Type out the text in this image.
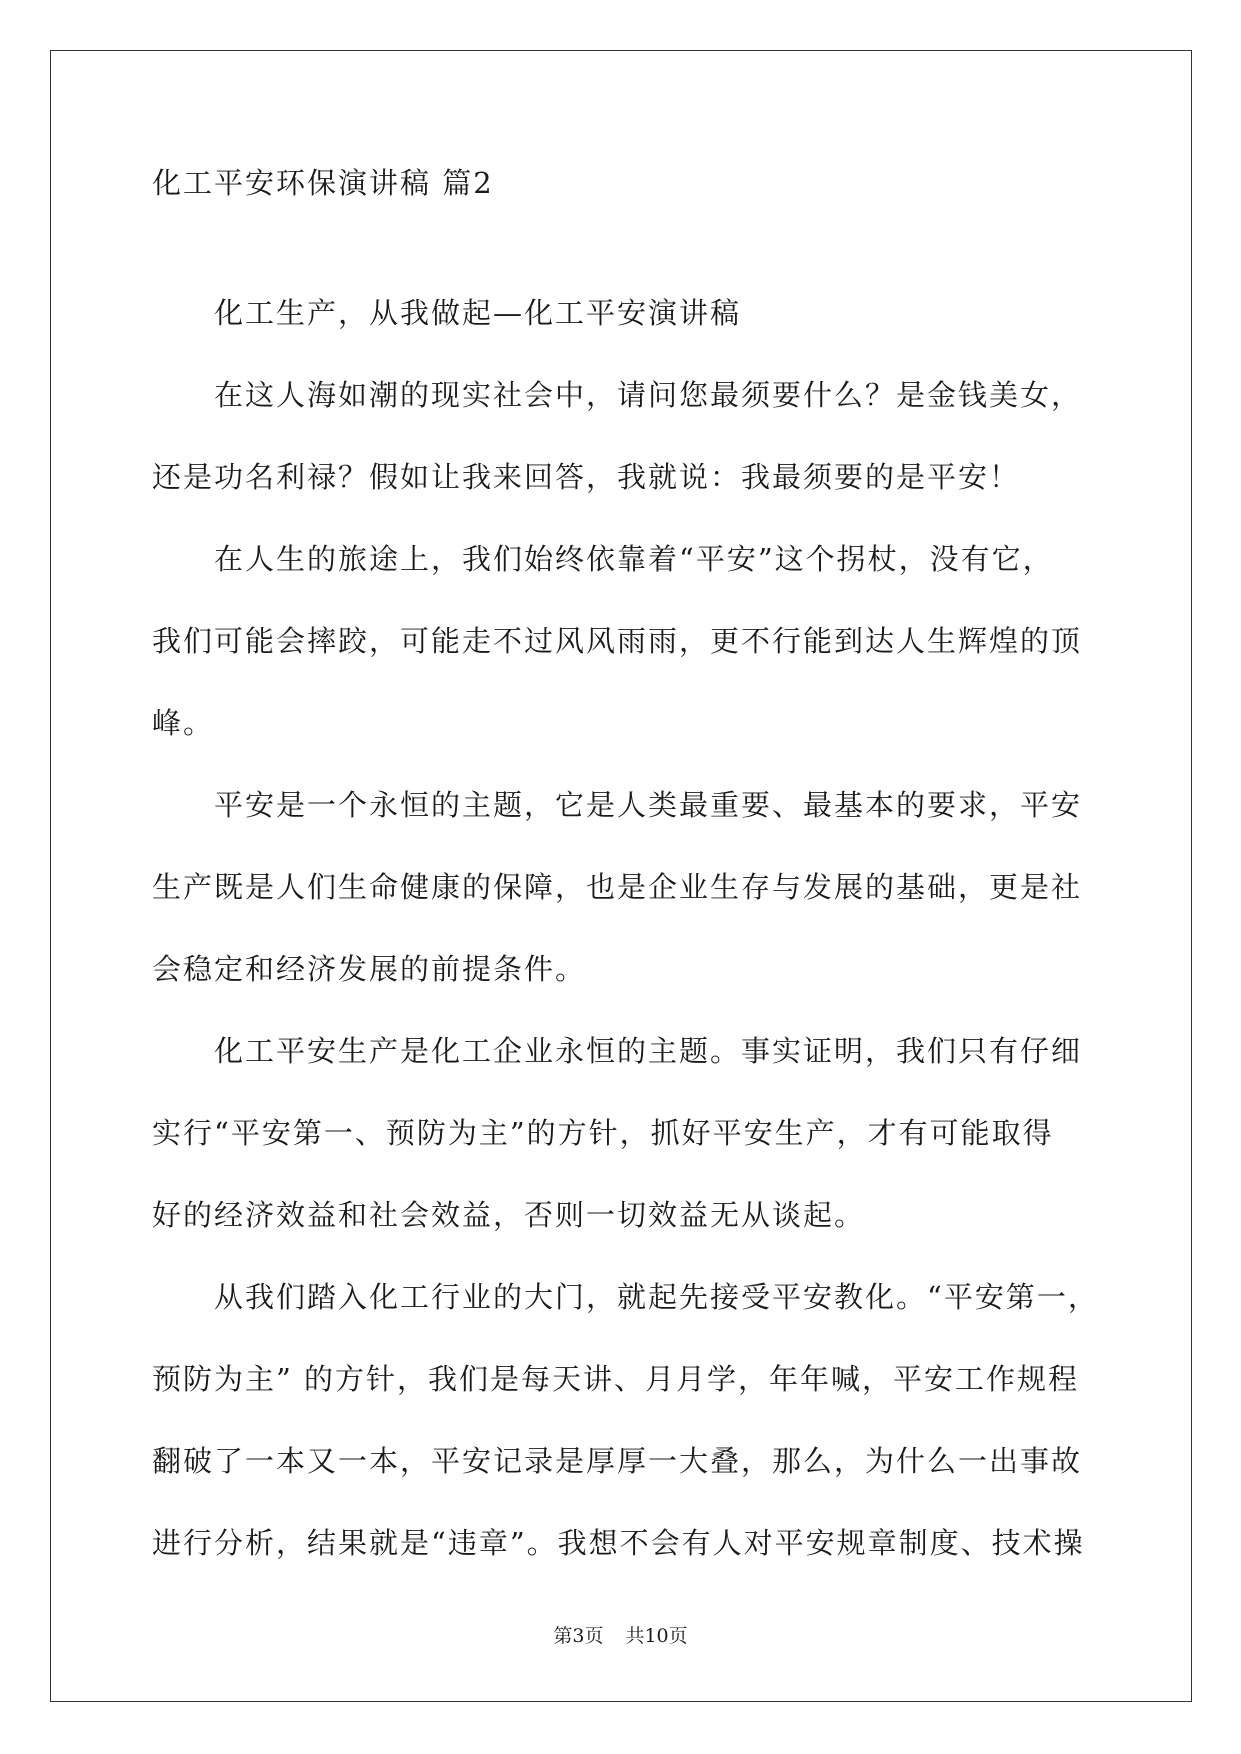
化工平安环保演讲稿 篇2
化工生产，从我做起—化工平安演讲稿
在这人海如潮的现实社会中，请问您最须要什么？是金钱美女，
还是功名利禄？假如让我来回答，我就说：我最须要的是平安！
在人生的旅途上，我们始终依靠着“平安”这个拐杖，没有它，
我们可能会摔跤，可能走不过风风雨雨，更不行能到达人生辉煌的顶
峰。
平安是一个永恒的主题，它是人类最重要、最基本的要求，平安
生产既是人们生命健康的保障，也是企业生存与发展的基础，更是社
会稳定和经济发展的前提条件。
化工平安生产是化工企业永恒的主题。事实证明，我们只有仔细
实行“平安第一、预防为主”的方针，抓好平安生产，才有可能取得
好的经济效益和社会效益，否则一切效益无从谈起。
从我们踏入化工行业的大门，就起先接受平安教化。“平安第一，
预防为主” 的方针，我们是每天讲、月月学，年年喊，平安工作规程
翻破了一本又一本，平安记录是厚厚一大叠，那么，为什么一出事故
进行分析，结果就是“违章”。我想不会有人对平安规章制度、技术操
第3页 共10页
